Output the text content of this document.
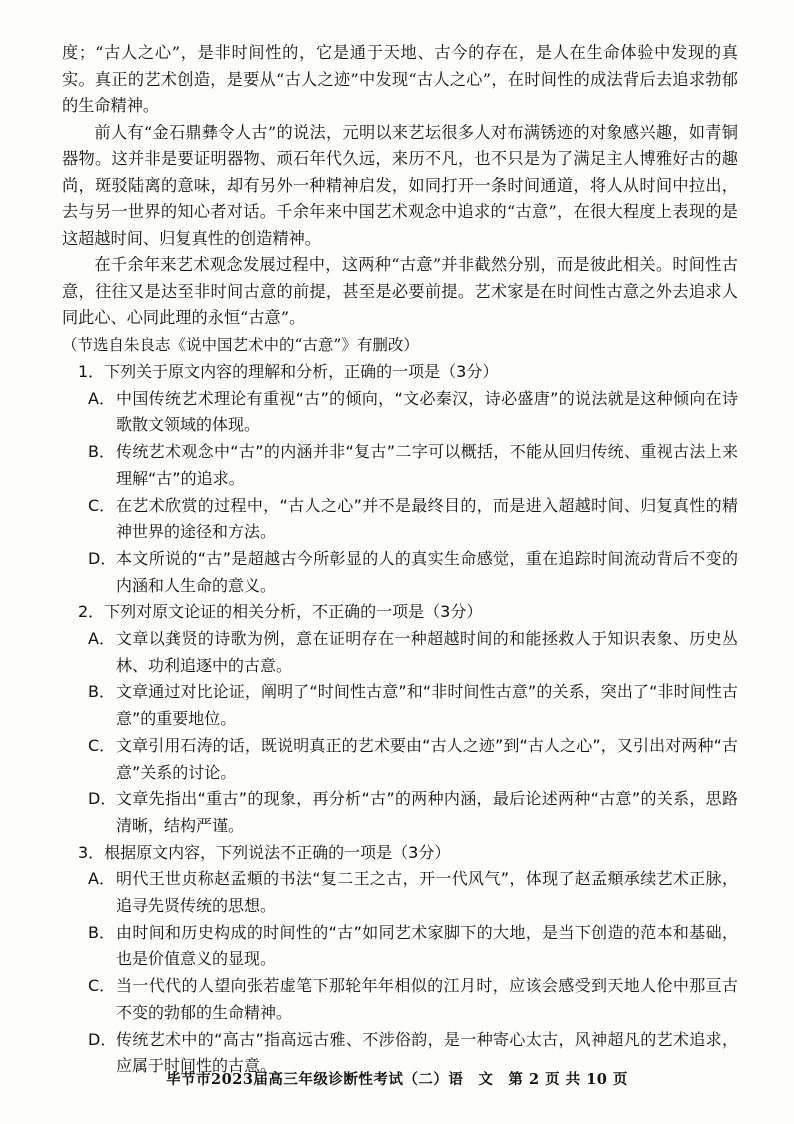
度；“古人之心”，是非时间性的，它是通于天地、古今的存在，是人在生命体验中发现的真实。真正的艺术创造，是要从“古人之迹”中发现“古人之心”，在时间性的成法背后去追求勃郁的生命精神。

前人有“金石鼎彝令人古”的说法，元明以来艺坛很多人对布满锈迹的对象感兴趣，如青铜器物。这并非是要证明器物、顽石年代久远，来历不凡，也不只是为了满足主人博雅好古的趣尚，斑驳陆离的意味，却有另外一种精神启发，如同打开一条时间通道，将人从时间中拉出，去与另一世界的知心者对话。千余年来中国艺术观念中追求的“古意”，在很大程度上表现的是这超越时间、归复真性的创造精神。

在千余年来艺术观念发展过程中，这两种“古意”并非截然分别，而是彼此相关。时间性古意，往往又是达至非时间古意的前提，甚至是必要前提。艺术家是在时间性古意之外去追求人同此心、心同此理的永恒“古意”。

（节选自朱良志《说中国艺术中的“古意”》有删改）

1．下列关于原文内容的理解和分析，正确的一项是（3分）

A． 中国传统艺术理论有重视“古”的倾向，“文必秦汉，诗必盛唐”的说法就是这种倾向在诗歌散文领域的体现。

B． 传统艺术观念中“古”的内涵并非“复古”二字可以概括，不能从回归传统、重视古法上来理解“古”的追求。

C． 在艺术欣赏的过程中，“古人之心”并不是最终目的，而是进入超越时间、归复真性的精神世界的途径和方法。

D． 本文所说的“古”是超越古今所彰显的人的真实生命感觉，重在追踪时间流动背后不变的内涵和人生命的意义。

2．下列对原文论证的相关分析，不正确的一项是（3分）

A． 文章以龚贤的诗歌为例，意在证明存在一种超越时间的和能拯救人于知识表象、历史丛林、功利追逐中的古意。

B． 文章通过对比论证，阐明了“时间性古意”和“非时间性古意”的关系，突出了“非时间性古意”的重要地位。

C． 文章引用石涛的话，既说明真正的艺术要由“古人之迹”到“古人之心”，又引出对两种“古意”关系的讨论。

D． 文章先指出“重古”的现象，再分析“古”的两种内涵，最后论述两种“古意”的关系，思路清晰，结构严谨。

3．根据原文内容，下列说法不正确的一项是（3分）

A． 明代王世贞称赵孟頫的书法“复二王之古，开一代风气”，体现了赵孟頫承续艺术正脉，追寻先贤传统的思想。

B． 由时间和历史构成的时间性的“古”如同艺术家脚下的大地，是当下创造的范本和基础，也是价值意义的显现。

C． 当一代代的人望向张若虚笔下那轮年年相似的江月时，应该会感受到天地人伦中那亘古不变的勃郁的生命精神。

D． 传统艺术中的“高古”指高远古雅、不涉俗韵，是一种寄心太古，风神超凡的艺术追求，应属于时间性的古意。

毕节市2023届高三年级诊断性考试（二）语　文　第 2 页 共 10 页
